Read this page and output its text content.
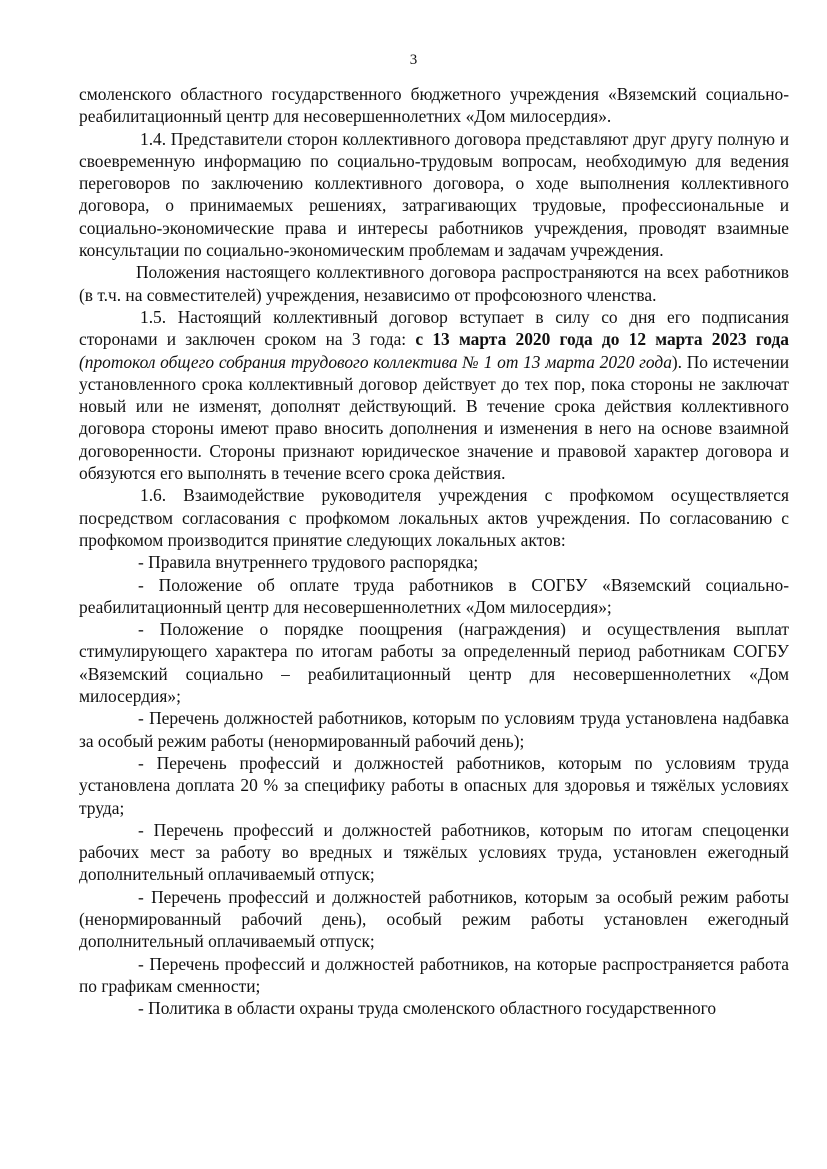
3

смоленского областного государственного бюджетного учреждения «Вяземский социально-реабилитационный центр для несовершеннолетних «Дом милосердия».

1.4. Представители сторон коллективного договора представляют друг другу полную и своевременную информацию по социально-трудовым вопросам, необходимую для ведения переговоров по заключению коллективного договора, о ходе выполнения коллективного договора, о принимаемых решениях, затрагивающих трудовые, профессиональные и социально-экономические права и интересы работников учреждения, проводят взаимные консультации по социально-экономическим проблемам и задачам учреждения.

Положения настоящего коллективного договора распространяются на всех работников (в т.ч. на совместителей) учреждения, независимо от профсоюзного членства.

1.5. Настоящий коллективный договор вступает в силу со дня его подписания сторонами и заключен сроком на 3 года: с 13 марта 2020 года до 12 марта 2023 года (протокол общего собрания трудового коллектива № 1 от 13 марта 2020 года). По истечении установленного срока коллективный договор действует до тех пор, пока стороны не заключат новый или не изменят, дополнят действующий. В течение срока действия коллективного договора стороны имеют право вносить дополнения и изменения в него на основе взаимной договоренности. Стороны признают юридическое значение и правовой характер договора и обязуются его выполнять в течение всего срока действия.

1.6. Взаимодействие руководителя учреждения с профкомом осуществляется посредством согласования с профкомом локальных актов учреждения. По согласованию с профкомом производится принятие следующих локальных актов:

- Правила внутреннего трудового распорядка;

- Положение об оплате труда работников в СОГБУ «Вяземский социально-реабилитационный центр для несовершеннолетних «Дом милосердия»;

- Положение о порядке поощрения (награждения) и осуществления выплат стимулирующего характера по итогам работы за определенный период работникам СОГБУ «Вяземский социально – реабилитационный центр для несовершеннолетних «Дом милосердия»;

- Перечень должностей работников, которым по условиям труда установлена надбавка за особый режим работы (ненормированный рабочий день);

- Перечень профессий и должностей работников, которым по условиям труда установлена доплата 20 % за специфику работы в опасных для здоровья и тяжёлых условиях труда;

- Перечень профессий и должностей работников, которым по итогам спецоценки рабочих мест за работу во вредных и тяжёлых условиях труда, установлен ежегодный дополнительный оплачиваемый отпуск;

- Перечень профессий и должностей работников, которым за особый режим работы (ненормированный рабочий день), особый режим работы установлен ежегодный дополнительный оплачиваемый отпуск;

- Перечень профессий и должностей работников, на которые распространяется работа по графикам сменности;

- Политика в области охраны труда смоленского областного государственного
